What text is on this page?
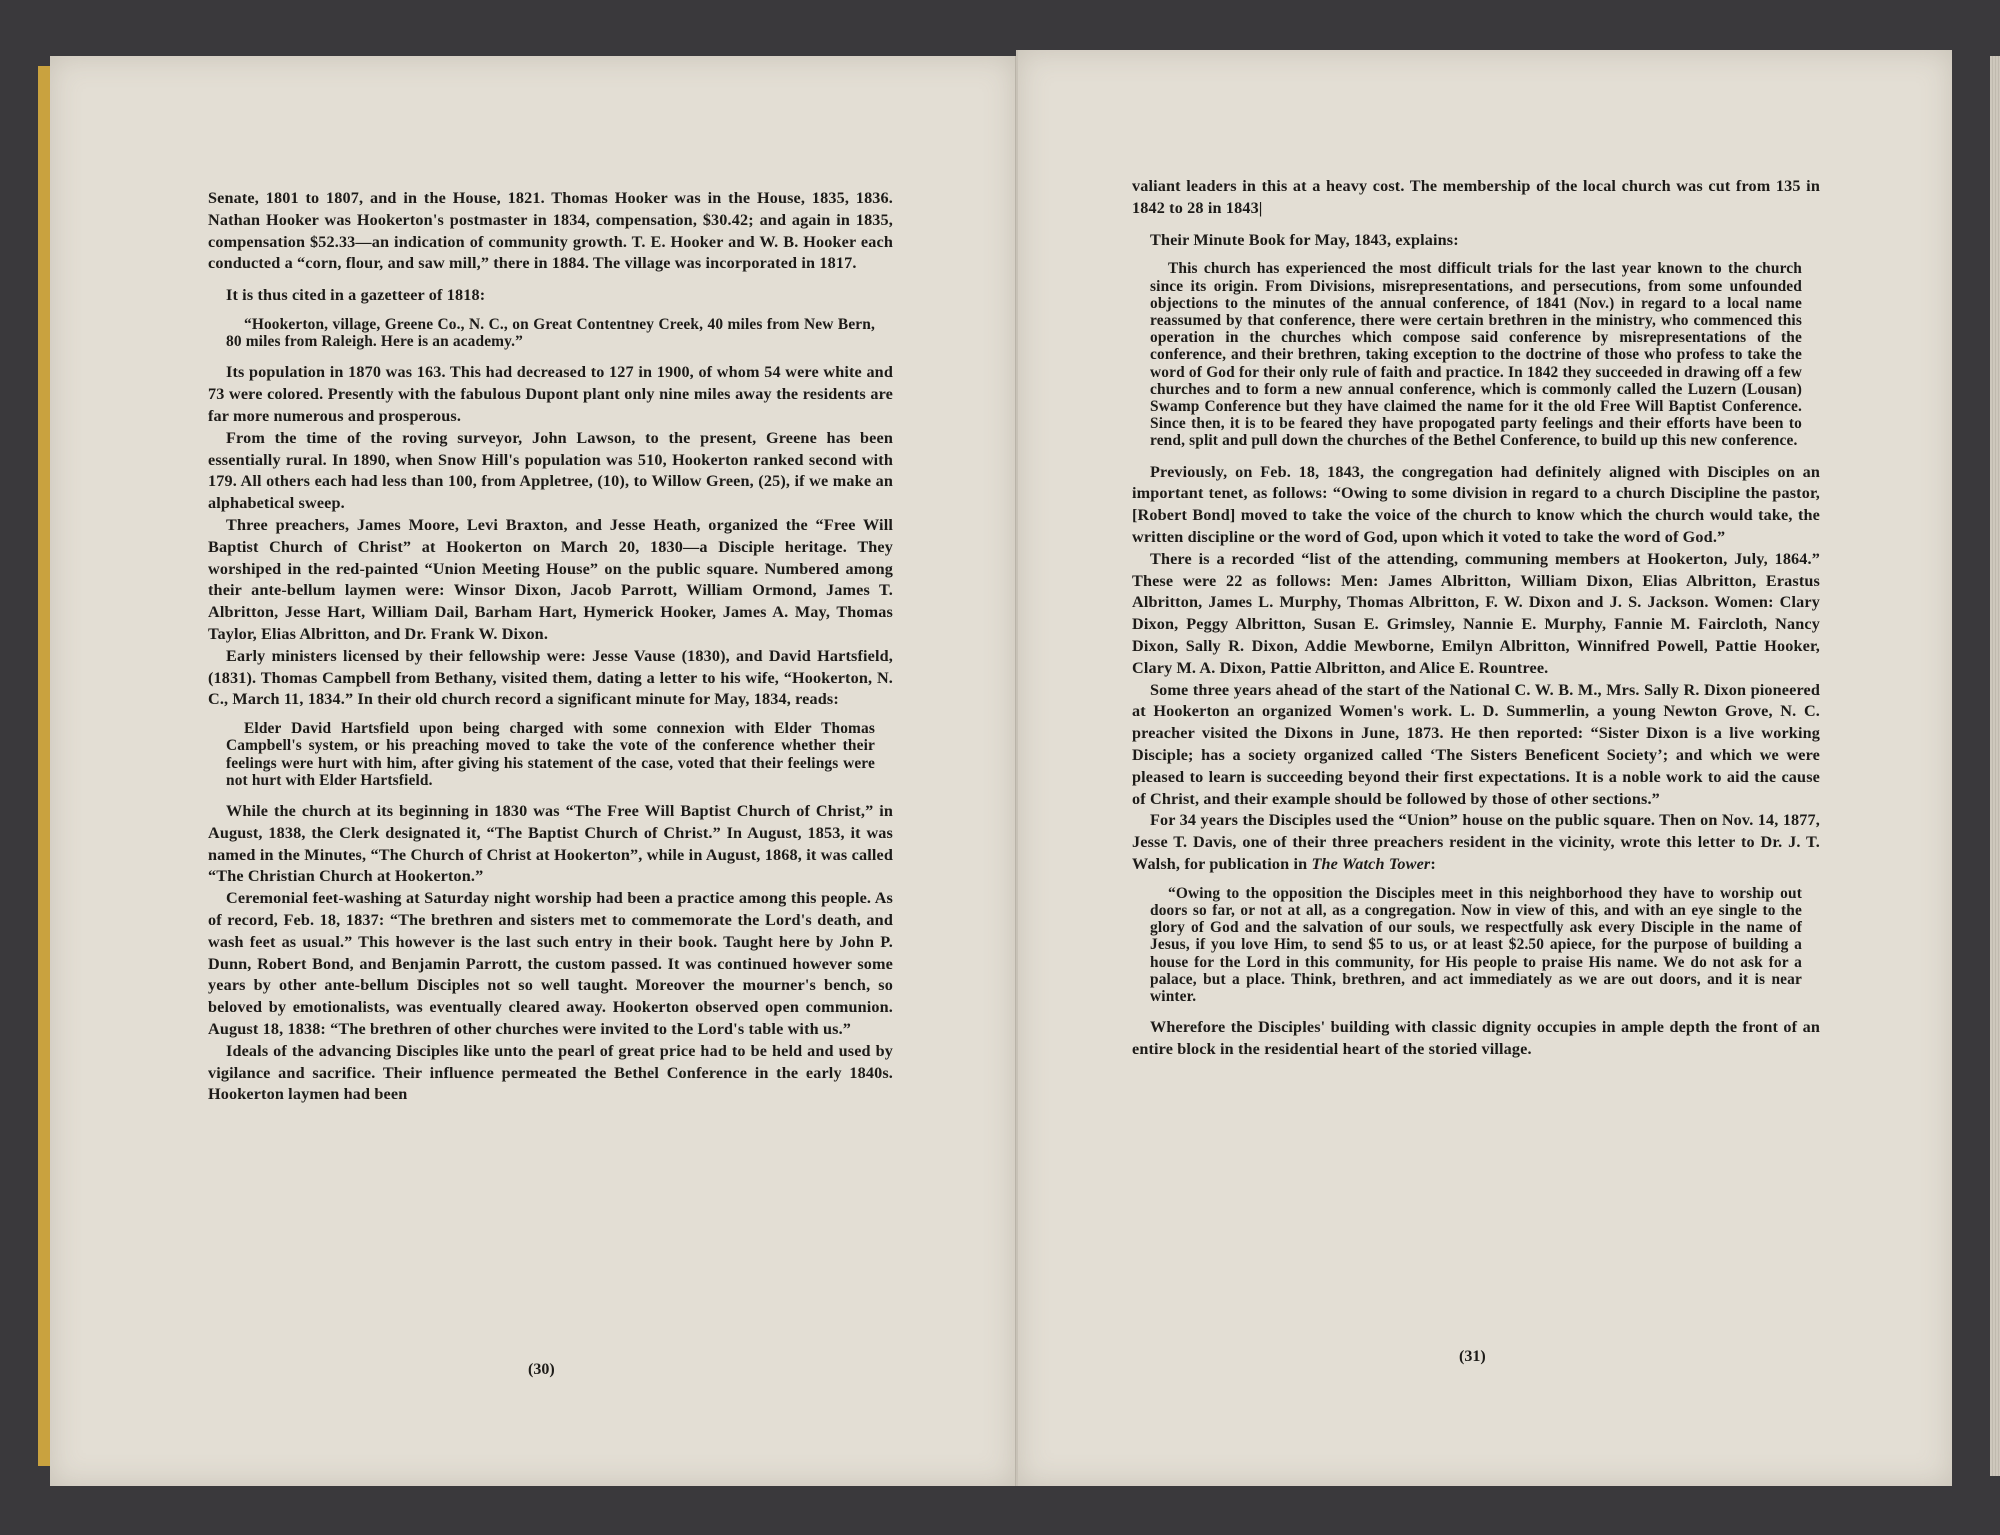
Senate, 1801 to 1807, and in the House, 1821. Thomas Hooker was in the House, 1835, 1836. Nathan Hooker was Hookerton's postmaster in 1834, compensation, $30.42; and again in 1835, compensation $52.33—an indication of community growth. T. E. Hooker and W. B. Hooker each conducted a “corn, flour, and saw mill,” there in 1884. The village was incorporated in 1817.

It is thus cited in a gazetteer of 1818:

“Hookerton, village, Greene Co., N. C., on Great Contentney Creek, 40 miles from New Bern, 80 miles from Raleigh. Here is an academy.”

Its population in 1870 was 163. This had decreased to 127 in 1900, of whom 54 were white and 73 were colored. Presently with the fabulous Dupont plant only nine miles away the residents are far more numerous and prosperous.

From the time of the roving surveyor, John Lawson, to the present, Greene has been essentially rural. In 1890, when Snow Hill's population was 510, Hookerton ranked second with 179. All others each had less than 100, from Appletree, (10), to Willow Green, (25), if we make an alphabetical sweep.

Three preachers, James Moore, Levi Braxton, and Jesse Heath, organized the “Free Will Baptist Church of Christ” at Hookerton on March 20, 1830—a Disciple heritage. They worshiped in the red-painted “Union Meeting House” on the public square. Numbered among their ante-bellum laymen were: Winsor Dixon, Jacob Parrott, William Ormond, James T. Albritton, Jesse Hart, William Dail, Barham Hart, Hymerick Hooker, James A. May, Thomas Taylor, Elias Albritton, and Dr. Frank W. Dixon.

Early ministers licensed by their fellowship were: Jesse Vause (1830), and David Hartsfield, (1831). Thomas Campbell from Bethany, visited them, dating a letter to his wife, “Hookerton, N. C., March 11, 1834.” In their old church record a significant minute for May, 1834, reads:

Elder David Hartsfield upon being charged with some connexion with Elder Thomas Campbell's system, or his preaching moved to take the vote of the conference whether their feelings were hurt with him, after giving his statement of the case, voted that their feelings were not hurt with Elder Hartsfield.

While the church at its beginning in 1830 was “The Free Will Baptist Church of Christ,” in August, 1838, the Clerk designated it, “The Baptist Church of Christ.” In August, 1853, it was named in the Minutes, “The Church of Christ at Hookerton”, while in August, 1868, it was called “The Christian Church at Hookerton.”

Ceremonial feet-washing at Saturday night worship had been a practice among this people. As of record, Feb. 18, 1837: “The brethren and sisters met to commemorate the Lord's death, and wash feet as usual.” This however is the last such entry in their book. Taught here by John P. Dunn, Robert Bond, and Benjamin Parrott, the custom passed. It was continued however some years by other ante-bellum Disciples not so well taught. Moreover the mourner's bench, so beloved by emotionalists, was eventually cleared away. Hookerton observed open communion. August 18, 1838: “The brethren of other churches were invited to the Lord's table with us.”

Ideals of the advancing Disciples like unto the pearl of great price had to be held and used by vigilance and sacrifice. Their influence permeated the Bethel Conference in the early 1840s. Hookerton laymen had been

(30)

valiant leaders in this at a heavy cost. The membership of the local church was cut from 135 in 1842 to 28 in 1843|

Their Minute Book for May, 1843, explains:

This church has experienced the most difficult trials for the last year known to the church since its origin. From Divisions, misrepresentations, and persecutions, from some unfounded objections to the minutes of the annual conference, of 1841 (Nov.) in regard to a local name reassumed by that conference, there were certain brethren in the ministry, who commenced this operation in the churches which compose said conference by misrepresentations of the conference, and their brethren, taking exception to the doctrine of those who profess to take the word of God for their only rule of faith and practice. In 1842 they succeeded in drawing off a few churches and to form a new annual conference, which is commonly called the Luzern (Lousan) Swamp Conference but they have claimed the name for it the old Free Will Baptist Conference. Since then, it is to be feared they have propogated party feelings and their efforts have been to rend, split and pull down the churches of the Bethel Conference, to build up this new conference.

Previously, on Feb. 18, 1843, the congregation had definitely aligned with Disciples on an important tenet, as follows: “Owing to some division in regard to a church Discipline the pastor, [Robert Bond] moved to take the voice of the church to know which the church would take, the written discipline or the word of God, upon which it voted to take the word of God.”

There is a recorded “list of the attending, communing members at Hookerton, July, 1864.” These were 22 as follows: Men: James Albritton, William Dixon, Elias Albritton, Erastus Albritton, James L. Murphy, Thomas Albritton, F. W. Dixon and J. S. Jackson. Women: Clary Dixon, Peggy Albritton, Susan E. Grimsley, Nannie E. Murphy, Fannie M. Faircloth, Nancy Dixon, Sally R. Dixon, Addie Mewborne, Emilyn Albritton, Winnifred Powell, Pattie Hooker, Clary M. A. Dixon, Pattie Albritton, and Alice E. Rountree.

Some three years ahead of the start of the National C. W. B. M., Mrs. Sally R. Dixon pioneered at Hookerton an organized Women's work. L. D. Summerlin, a young Newton Grove, N. C. preacher visited the Dixons in June, 1873. He then reported: “Sister Dixon is a live working Disciple; has a society organized called ‘The Sisters Beneficent Society’; and which we were pleased to learn is succeeding beyond their first expectations. It is a noble work to aid the cause of Christ, and their example should be followed by those of other sections.”

For 34 years the Disciples used the “Union” house on the public square. Then on Nov. 14, 1877, Jesse T. Davis, one of their three preachers resident in the vicinity, wrote this letter to Dr. J. T. Walsh, for publication in The Watch Tower:

“Owing to the opposition the Disciples meet in this neighborhood they have to worship out doors so far, or not at all, as a congregation. Now in view of this, and with an eye single to the glory of God and the salvation of our souls, we respectfully ask every Disciple in the name of Jesus, if you love Him, to send $5 to us, or at least $2.50 apiece, for the purpose of building a house for the Lord in this community, for His people to praise His name. We do not ask for a palace, but a place. Think, brethren, and act immediately as we are out doors, and it is near winter.

Wherefore the Disciples' building with classic dignity occupies in ample depth the front of an entire block in the residential heart of the storied village.

(31)
